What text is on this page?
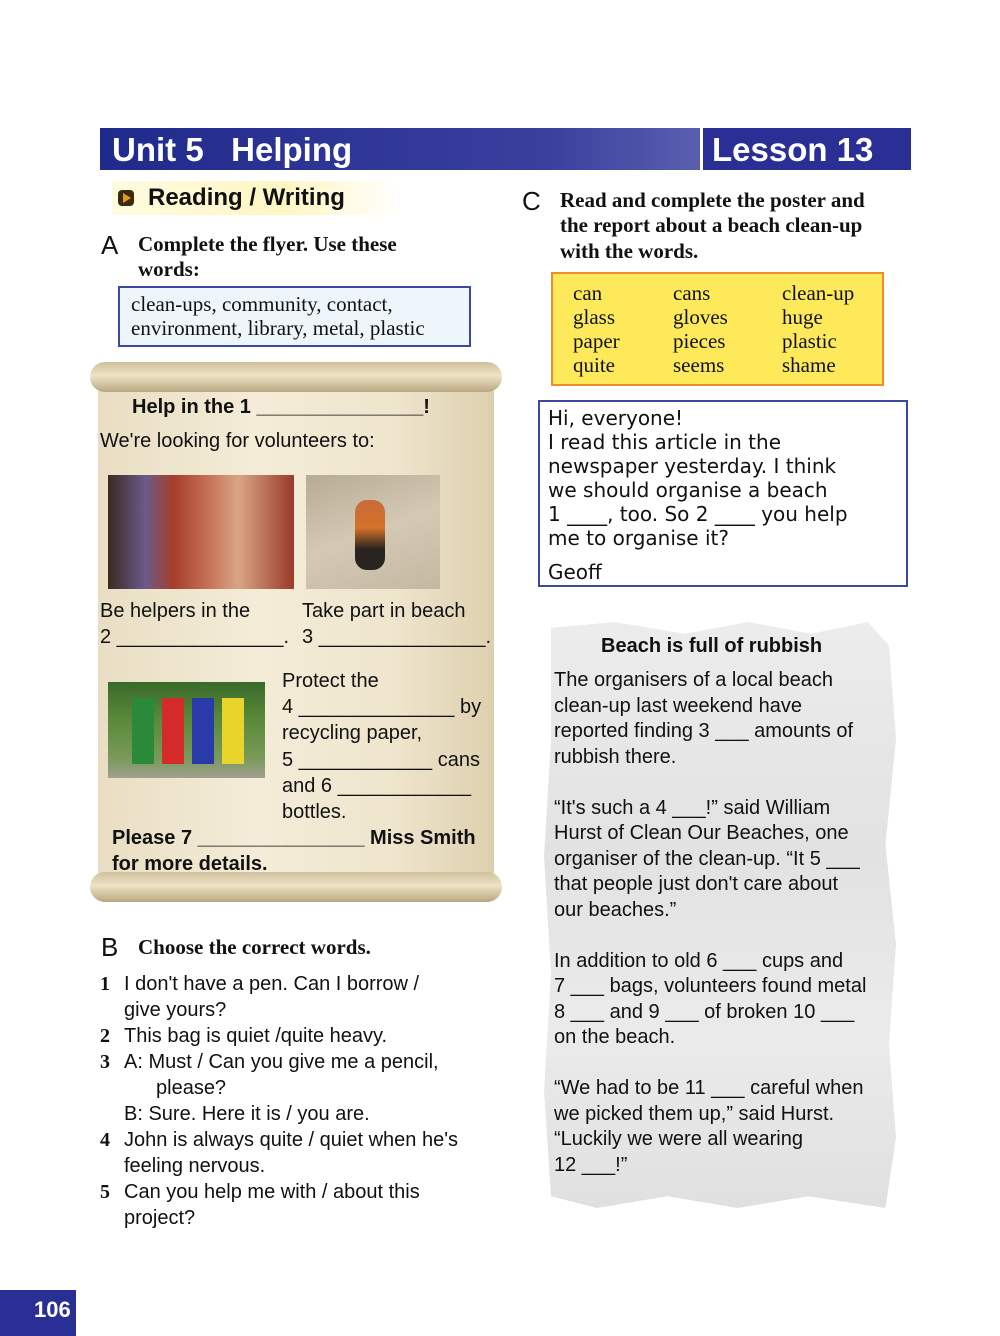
Unit 5   Helping	Lesson 13
Reading / Writing
A Complete the flyer. Use these
words:
clean-ups, community, contact,
environment, library, metal, plastic
Help in the 1 _______________!
We're looking for volunteers to:
Be helpers in the
2 _______________.
Take part in beach
3 _______________.
Protect the
4 ______________ by
recycling paper,
5 ____________ cans
and 6 ____________
bottles.
Please 7 _______________ Miss Smith
for more details.
B Choose the correct words.
1 I don't have a pen. Can I borrow /
give yours?
2 This bag is quiet /quite heavy.
3 A: Must / Can you give me a pencil,
please?
B: Sure. Here it is / you are.
4 John is always quite / quiet when he's
feeling nervous.
5 Can you help me with / about this
project?
C Read and complete the poster and
the report about a beach clean-up
with the words.
can
glass
paper
quite
cans
gloves
pieces
seems
clean-up
huge
plastic
shame
Hi, everyone!
I read this article in the
newspaper yesterday. I think
we should organise a beach
1 ____, too. So 2 ____ you help
me to organise it?
Geoff
Beach is full of rubbish
The organisers of a local beach
clean-up last weekend have
reported finding 3 ___ amounts of
rubbish there.
“It's such a 4 ___!” said William
Hurst of Clean Our Beaches, one
organiser of the clean-up. “It 5 ___
that people just don't care about
our beaches.”
In addition to old 6 ___ cups and
7 ___ bags, volunteers found metal
8 ___ and 9 ___ of broken 10 ___
on the beach.
“We had to be 11 ___ careful when
we picked them up,” said Hurst.
“Luckily we were all wearing
12 ___!”
106
